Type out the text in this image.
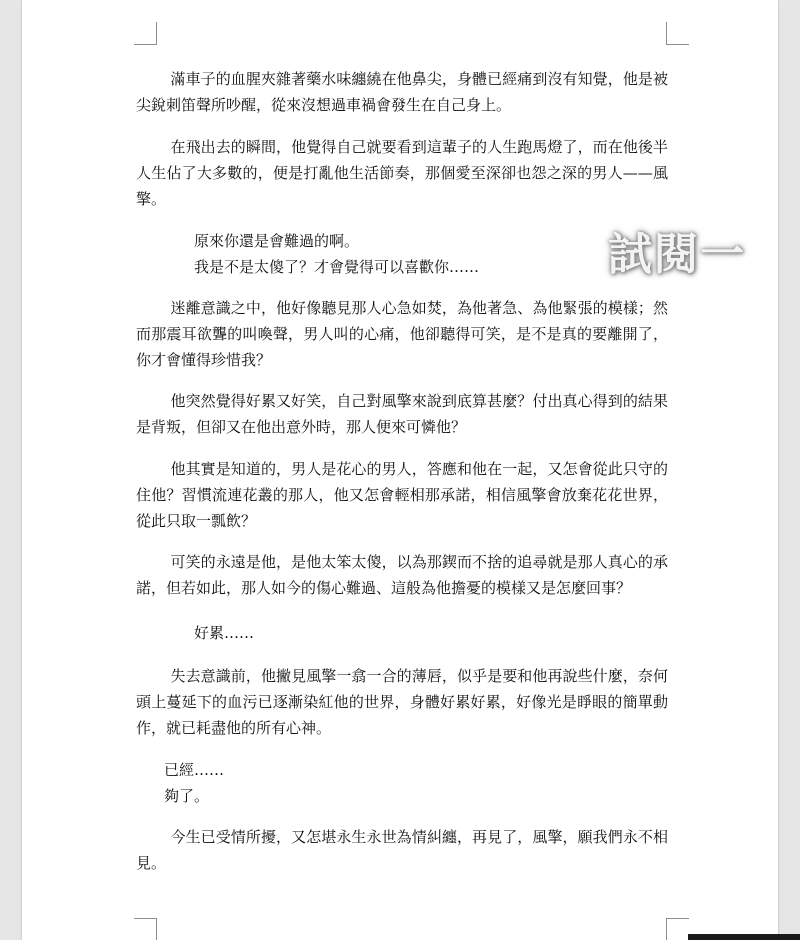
滿車子的血腥夾雜著藥水味纏繞在他鼻尖，身體已經痛到沒有知覺，他是被尖銳刺笛聲所吵醒，從來沒想過車禍會發生在自己身上。

在飛出去的瞬間，他覺得自己就要看到這輩子的人生跑馬燈了，而在他後半人生佔了大多數的，便是打亂他生活節奏，那個愛至深卻也怨之深的男人——風擎。

原來你還是會難過的啊。

我是不是太傻了？才會覺得可以喜歡你……

迷離意識之中，他好像聽見那人心急如焚，為他著急、為他緊張的模樣；然而那震耳欲聾的叫喚聲，男人叫的心痛，他卻聽得可笑，是不是真的要離開了，你才會懂得珍惜我？

他突然覺得好累又好笑，自己對風擎來說到底算甚麼？付出真心得到的結果是背叛，但卻又在他出意外時，那人便來可憐他？

他其實是知道的，男人是花心的男人，答應和他在一起，又怎會從此只守的住他？習慣流連花叢的那人，他又怎會輕相那承諾，相信風擎會放棄花花世界，從此只取一瓢飲？

可笑的永遠是他，是他太笨太傻，以為那鍥而不捨的追尋就是那人真心的承諾，但若如此，那人如今的傷心難過、這般為他擔憂的模樣又是怎麼回事？

好累……

失去意識前，他撇見風擎一翕一合的薄唇，似乎是要和他再說些什麼，奈何頭上蔓延下的血污已逐漸染紅他的世界，身體好累好累，好像光是睜眼的簡單動作，就已耗盡他的所有心神。

已經……

夠了。

今生已受情所擾，又怎堪永生永世為情糾纏，再見了，風擎，願我們永不相見。

試閱一
